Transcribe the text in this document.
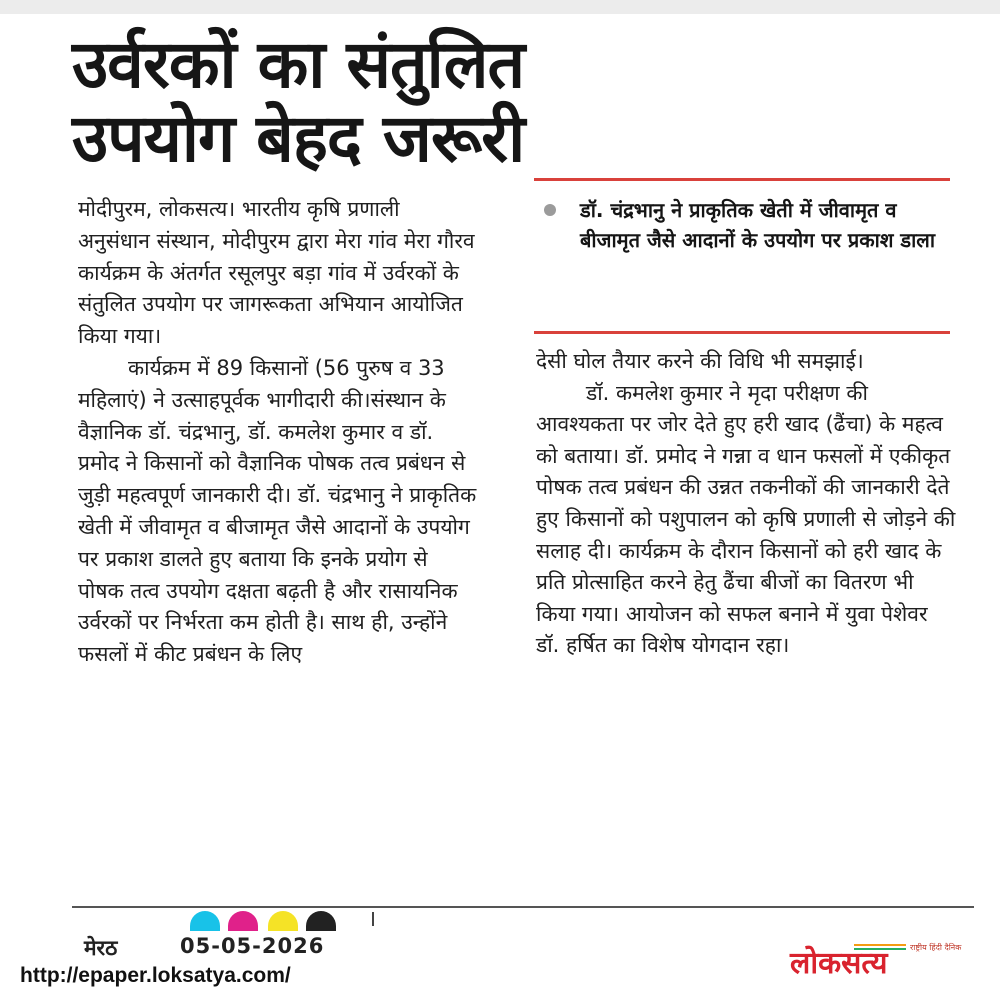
उर्वरकों का संतुलित
उपयोग बेहद जरूरी

मोदीपुरम, लोकसत्य। भारतीय कृषि प्रणाली अनुसंधान संस्थान, मोदीपुरम द्वारा मेरा गांव मेरा गौरव कार्यक्रम के अंतर्गत रसूलपुर बड़ा गांव में उर्वरकों के संतुलित उपयोग पर जागरूकता अभियान आयोजित किया गया।

कार्यक्रम में 89 किसानों (56 पुरुष व 33 महिलाएं) ने उत्साहपूर्वक भागीदारी की।संस्थान के वैज्ञानिक डॉ. चंद्रभानु, डॉ. कमलेश कुमार व डॉ. प्रमोद ने किसानों को वैज्ञानिक पोषक तत्व प्रबंधन से जुड़ी महत्वपूर्ण जानकारी दी। डॉ. चंद्रभानु ने प्राकृतिक खेती में जीवामृत व बीजामृत जैसे आदानों के उपयोग पर प्रकाश डालते हुए बताया कि इनके प्रयोग से पोषक तत्व उपयोग दक्षता बढ़ती है और रासायनिक उर्वरकों पर निर्भरता कम होती है। साथ ही, उन्होंने फसलों में कीट प्रबंधन के लिए

डॉ. चंद्रभानु ने प्राकृतिक खेती में जीवामृत व बीजामृत जैसे आदानों के उपयोग पर प्रकाश डाला

देसी घोल तैयार करने की विधि भी समझाई।

डॉ. कमलेश कुमार ने मृदा परीक्षण की आवश्यकता पर जोर देते हुए हरी खाद (ढैंचा) के महत्व को बताया। डॉ. प्रमोद ने गन्ना व धान फसलों में एकीकृत पोषक तत्व प्रबंधन की उन्नत तकनीकों की जानकारी देते हुए किसानों को पशुपालन को कृषि प्रणाली से जोड़ने की सलाह दी। कार्यक्रम के दौरान किसानों को हरी खाद के प्रति प्रोत्साहित करने हेतु ढैंचा बीजों का वितरण भी किया गया। आयोजन को सफल बनाने में युवा पेशेवर डॉ. हर्षित का विशेष योगदान रहा।

मेरठ	05-05-2026
http://epaper.loksatya.com/
राष्ट्रीय हिंदी दैनिक
लोकसत्य
